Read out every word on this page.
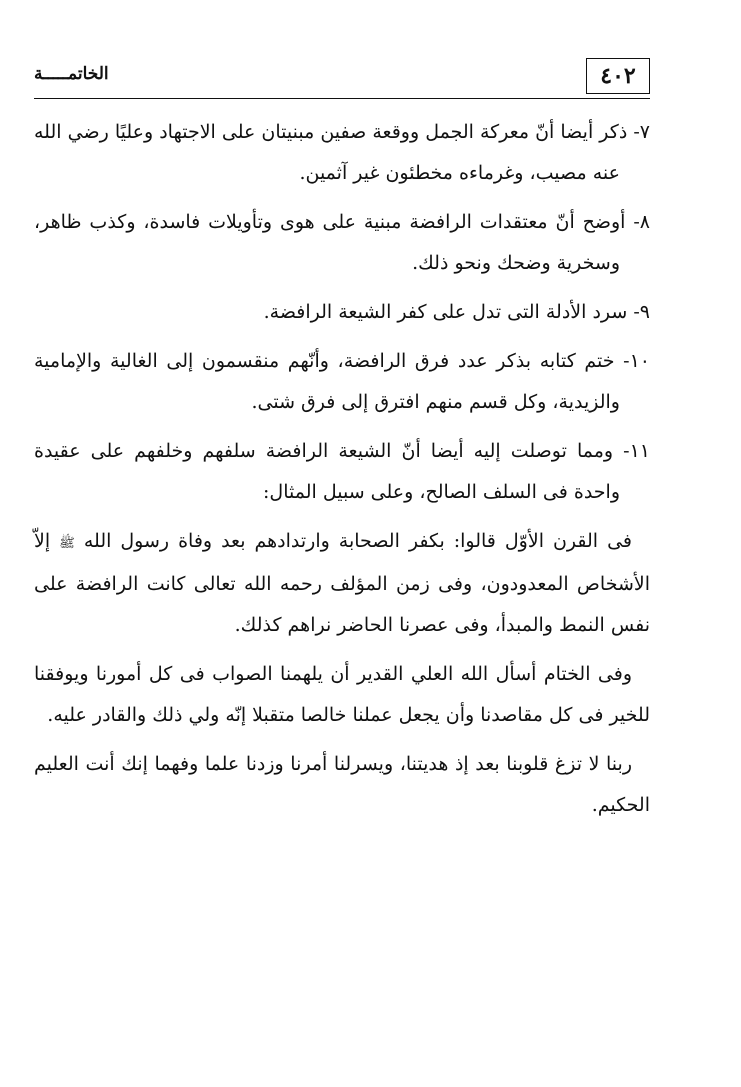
٤٠٢
الخاتمـــــة

٧- ذكر أيضا أنّ معركة الجمل ووقعة صفين مبنيتان على الاجتهاد وعليًا رضي الله عنه مصيب، وغرماءه مخطئون غير آثمين.

٨- أوضح أنّ معتقدات الرافضة مبنية على هوى وتأويلات فاسدة، وكذب ظاهر، وسخرية وضحك ونحو ذلك.

٩- سرد الأدلة التى تدل على كفر الشيعة الرافضة.

١٠- ختم كتابه بذكر عدد فرق الرافضة، وأنّهم منقسمون إلى الغالية والإمامية والزيدية، وكل قسم منهم افترق إلى فرق شتى.

١١- ومما توصلت إليه أيضا أنّ الشيعة الرافضة سلفهم وخلفهم على عقيدة واحدة فى السلف الصالح، وعلى سبيل المثال:

فى القرن الأوّل قالوا: بكفر الصحابة وارتدادهم بعد وفاة رسول الله ﷺ إلاّ الأشخاص المعدودون، وفى زمن المؤلف رحمه الله تعالى كانت الرافضة على نفس النمط والمبدأ، وفى عصرنا الحاضر نراهم كذلك.

وفى الختام أسأل الله العلي القدير أن يلهمنا الصواب فى كل أمورنا ويوفقنا للخير فى كل مقاصدنا وأن يجعل عملنا خالصا متقبلا إنّه ولي ذلك والقادر عليه.

ربنا لا تزغ قلوبنا بعد إذ هديتنا، ويسرلنا أمرنا وزدنا علما وفهما إنك أنت العليم الحكيم.
